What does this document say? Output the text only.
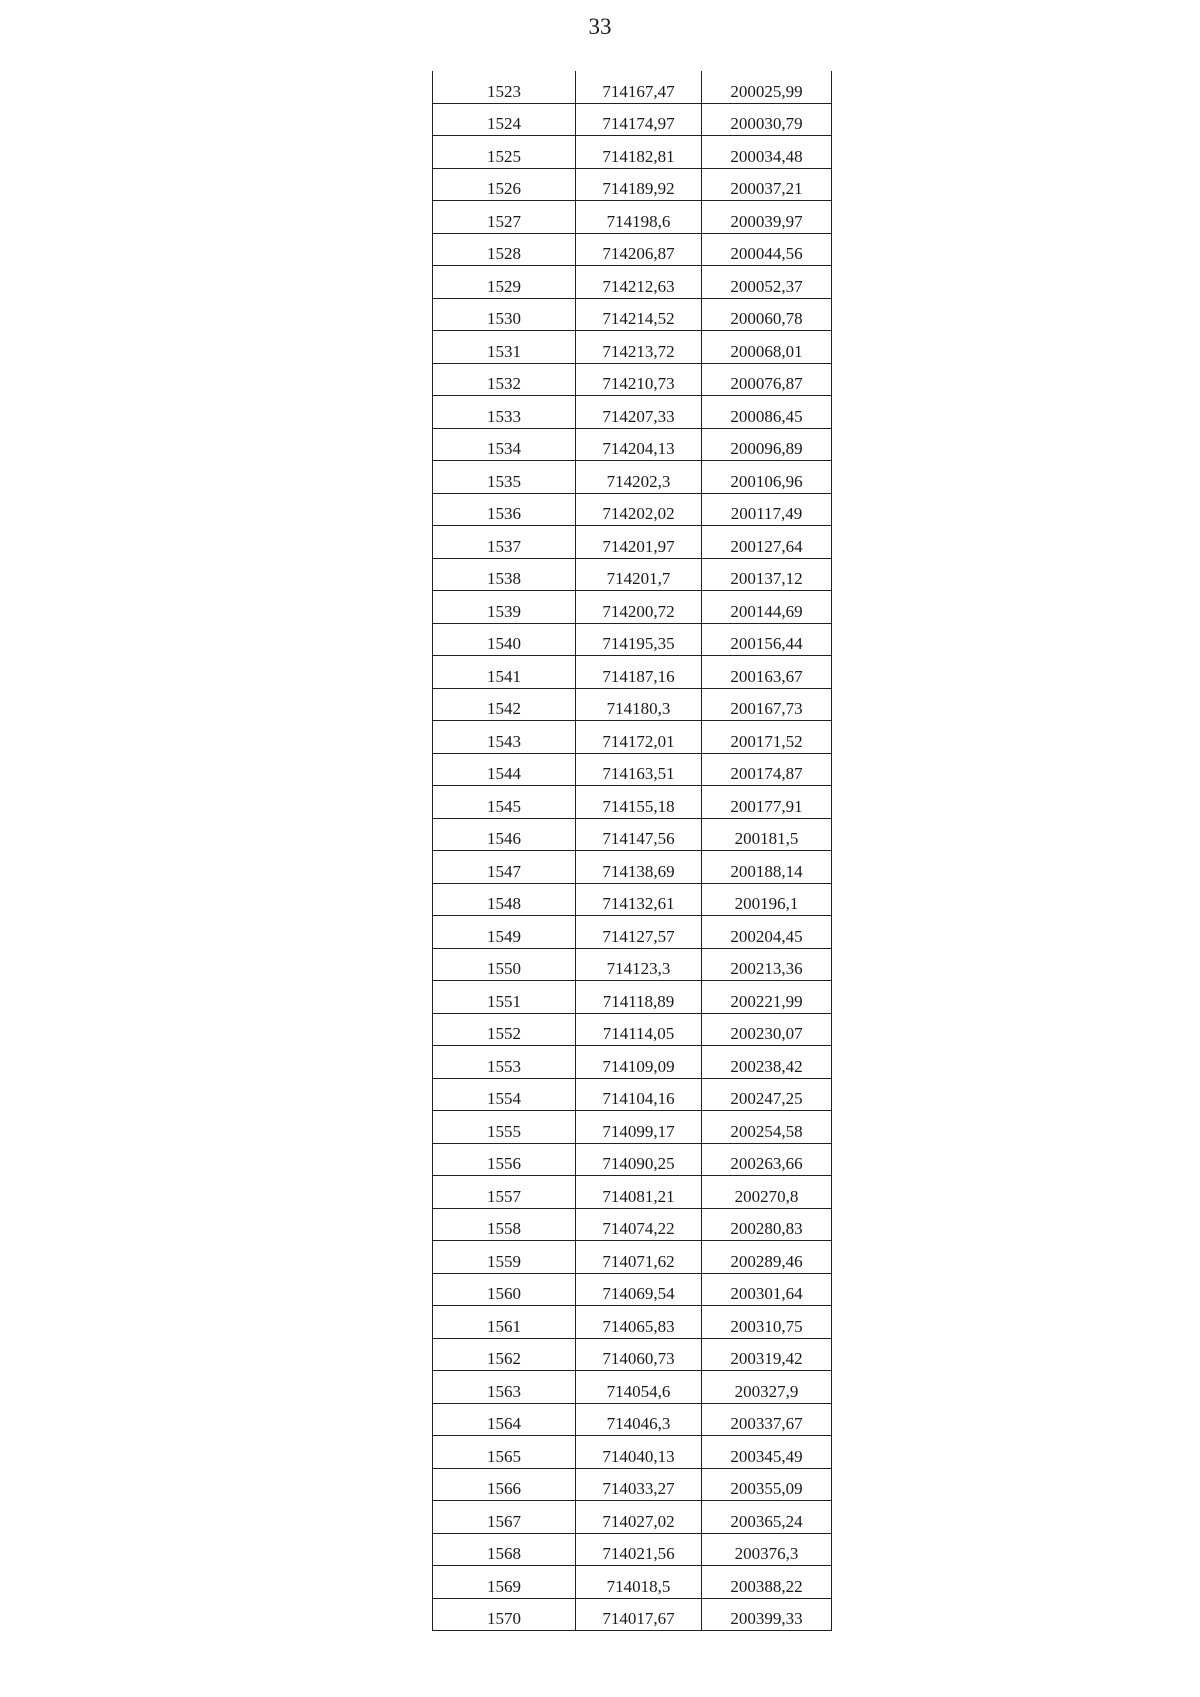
33
1523	714167,47	200025,99
1524	714174,97	200030,79
1525	714182,81	200034,48
1526	714189,92	200037,21
1527	714198,6	200039,97
1528	714206,87	200044,56
1529	714212,63	200052,37
1530	714214,52	200060,78
1531	714213,72	200068,01
1532	714210,73	200076,87
1533	714207,33	200086,45
1534	714204,13	200096,89
1535	714202,3	200106,96
1536	714202,02	200117,49
1537	714201,97	200127,64
1538	714201,7	200137,12
1539	714200,72	200144,69
1540	714195,35	200156,44
1541	714187,16	200163,67
1542	714180,3	200167,73
1543	714172,01	200171,52
1544	714163,51	200174,87
1545	714155,18	200177,91
1546	714147,56	200181,5
1547	714138,69	200188,14
1548	714132,61	200196,1
1549	714127,57	200204,45
1550	714123,3	200213,36
1551	714118,89	200221,99
1552	714114,05	200230,07
1553	714109,09	200238,42
1554	714104,16	200247,25
1555	714099,17	200254,58
1556	714090,25	200263,66
1557	714081,21	200270,8
1558	714074,22	200280,83
1559	714071,62	200289,46
1560	714069,54	200301,64
1561	714065,83	200310,75
1562	714060,73	200319,42
1563	714054,6	200327,9
1564	714046,3	200337,67
1565	714040,13	200345,49
1566	714033,27	200355,09
1567	714027,02	200365,24
1568	714021,56	200376,3
1569	714018,5	200388,22
1570	714017,67	200399,33
